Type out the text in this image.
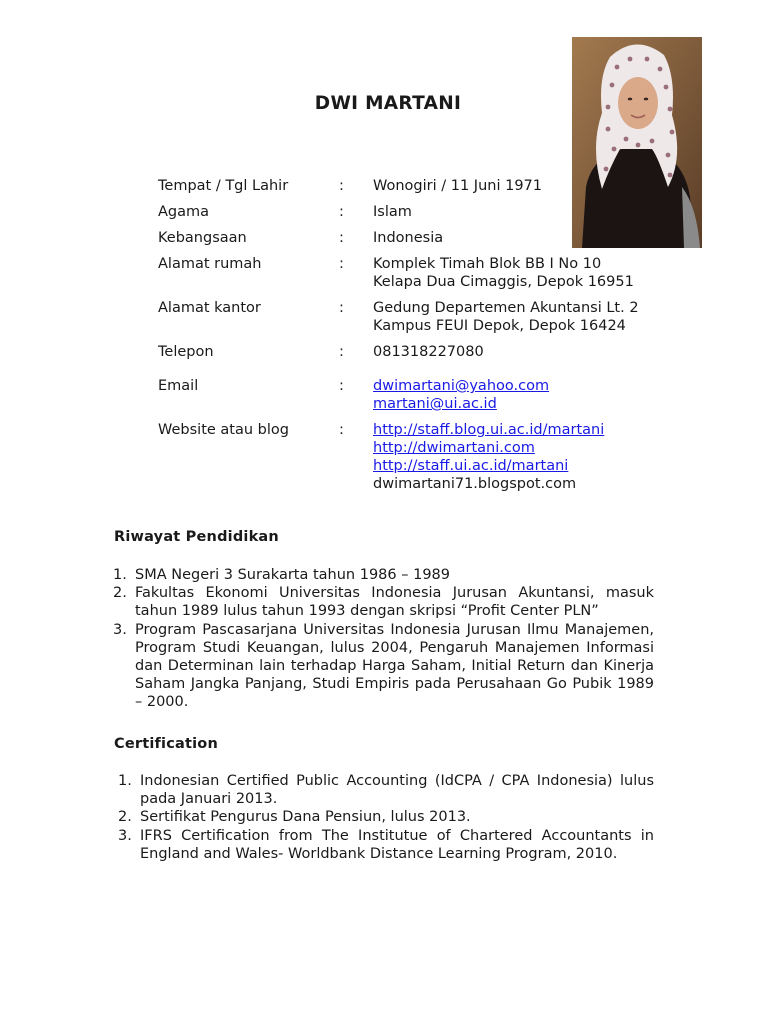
DWI MARTANI
Tempat / Tgl Lahir	: Wonogiri / 11 Juni 1971
Agama	: Islam
Kebangsaan	: Indonesia
Alamat rumah	: Komplek Timah Blok BB I No 10
Kelapa Dua Cimaggis, Depok 16951
Alamat kantor	: Gedung Departemen Akuntansi Lt. 2
Kampus FEUI Depok, Depok 16424
Telepon	: 081318227080
Email	: dwimartani@yahoo.com
martani@ui.ac.id
Website atau blog	: http://staff.blog.ui.ac.id/martani
http://dwimartani.com
http://staff.ui.ac.id/martani
dwimartani71.blogspot.com
Riwayat Pendidikan
1. SMA Negeri 3 Surakarta tahun 1986 – 1989
2. Fakultas Ekonomi Universitas Indonesia Jurusan Akuntansi, masuk tahun 1989 lulus tahun 1993 dengan skripsi “Profit Center PLN”
3. Program Pascasarjana Universitas Indonesia Jurusan Ilmu Manajemen, Program Studi Keuangan, lulus 2004, Pengaruh Manajemen Informasi dan Determinan lain terhadap Harga Saham, Initial Return dan Kinerja Saham Jangka Panjang, Studi Empiris pada Perusahaan Go Pubik 1989 – 2000.
Certification
1. Indonesian Certified Public Accounting (IdCPA / CPA Indonesia) lulus pada Januari 2013.
2. Sertifikat Pengurus Dana Pensiun, lulus 2013.
3. IFRS Certification from The Institutue of Chartered Accountants in England and Wales- Worldbank Distance Learning Program, 2010.
